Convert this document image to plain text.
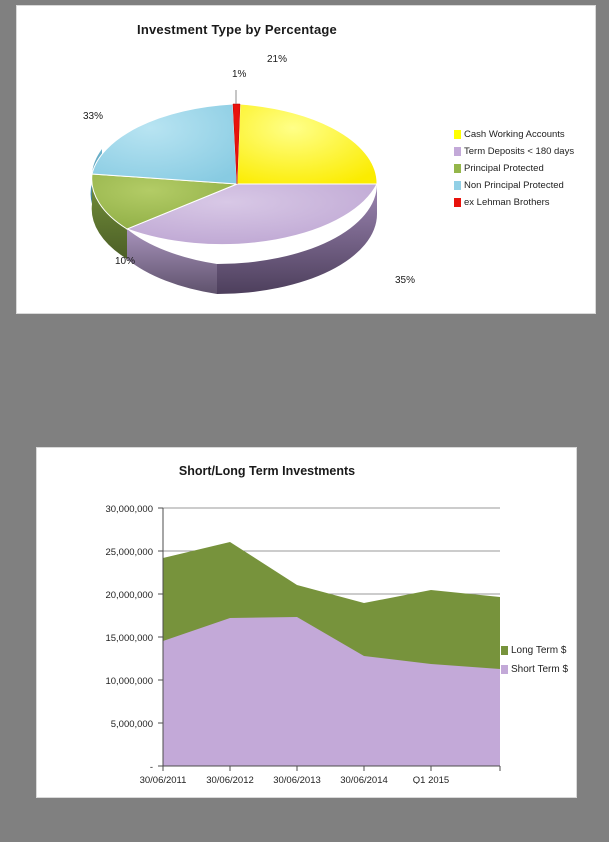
Investment Type by Percentage
21%
1%
33%
10%
35%
Cash Working Accounts
Term Deposits < 180 days
Principal Protected
Non Principal Protected
ex Lehman Brothers
Short/Long Term Investments
-
5,000,000
10,000,000
15,000,000
20,000,000
25,000,000
30,000,000
30/06/2011 30/06/2012 30/06/2013 30/06/2014	Q1 2015
Long Term $
Short Term $
